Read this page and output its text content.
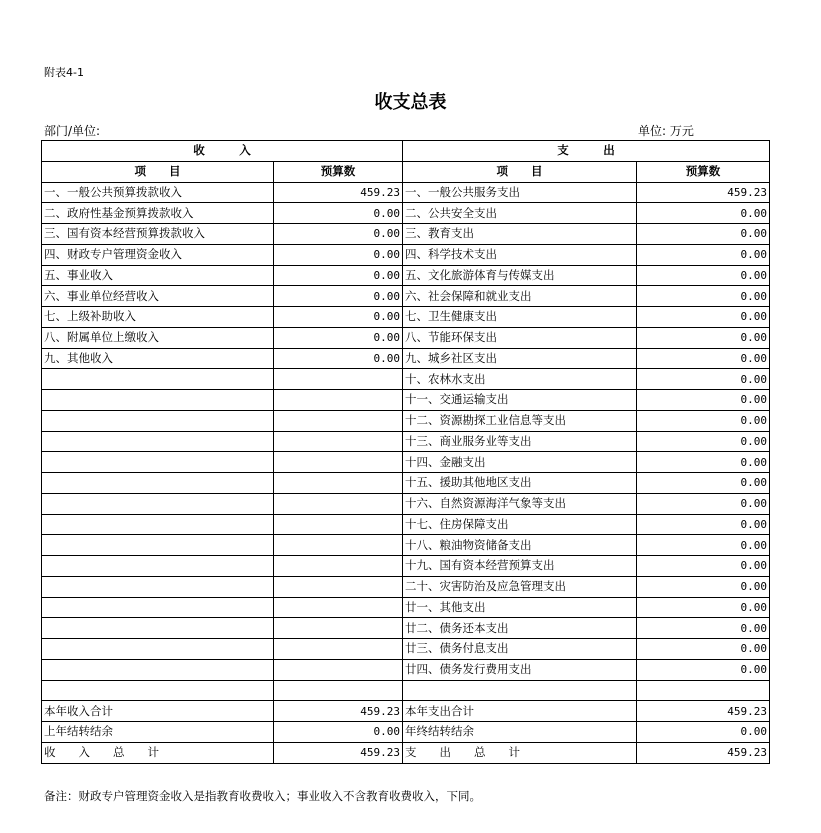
附表4-1
收支总表
部门/单位:	单位: 万元
收　　　入		支　　　出	
项　　目	预算数	项　　目	预算数
一、一般公共预算拨款收入	459.23	一、一般公共服务支出	459.23
二、政府性基金预算拨款收入	0.00	二、公共安全支出	0.00
三、国有资本经营预算拨款收入	0.00	三、教育支出	0.00
四、财政专户管理资金收入	0.00	四、科学技术支出	0.00
五、事业收入	0.00	五、文化旅游体育与传媒支出	0.00
六、事业单位经营收入	0.00	六、社会保障和就业支出	0.00
七、上级补助收入	0.00	七、卫生健康支出	0.00
八、附属单位上缴收入	0.00	八、节能环保支出	0.00
九、其他收入	0.00	九、城乡社区支出	0.00
		十、农林水支出	0.00
		十一、交通运输支出	0.00
		十二、资源勘探工业信息等支出	0.00
		十三、商业服务业等支出	0.00
		十四、金融支出	0.00
		十五、援助其他地区支出	0.00
		十六、自然资源海洋气象等支出	0.00
		十七、住房保障支出	0.00
		十八、粮油物资储备支出	0.00
		十九、国有资本经营预算支出	0.00
		二十、灾害防治及应急管理支出	0.00
		廿一、其他支出	0.00
		廿二、债务还本支出	0.00
		廿三、债务付息支出	0.00
		廿四、债务发行费用支出	0.00

本年收入合计	459.23	本年支出合计	459.23
上年结转结余	0.00	年终结转结余	0.00
收　　入　　总　　计	459.23	支　　出　　总　　计	459.23
备注：财政专户管理资金收入是指教育收费收入；事业收入不含教育收费收入，下同。
